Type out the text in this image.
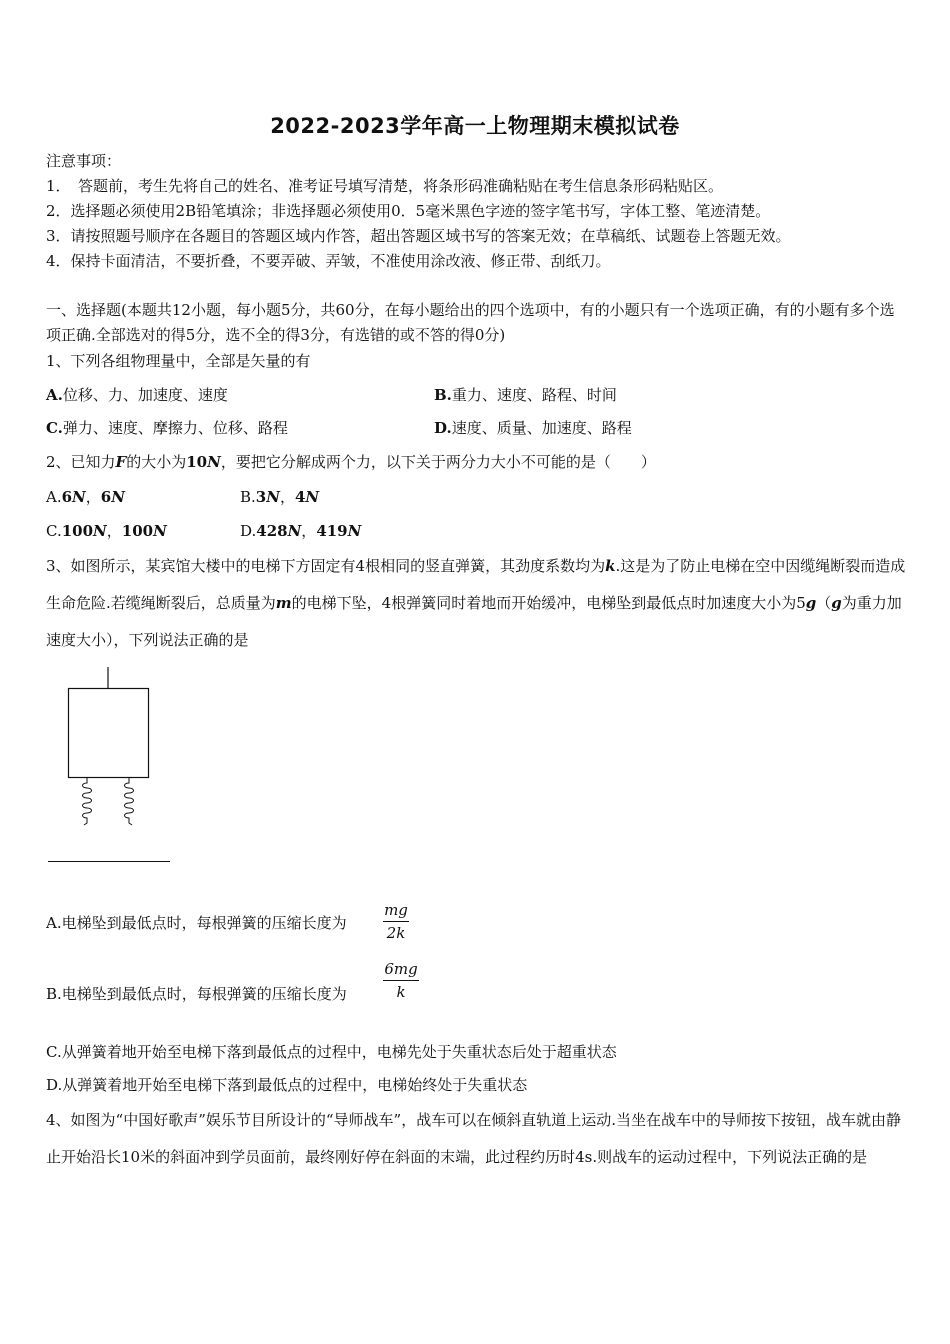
2022-2023学年高一上物理期末模拟试卷
注意事项：
1．　答题前，考生先将自己的姓名、准考证号填写清楚，将条形码准确粘贴在考生信息条形码粘贴区。
2．选择题必须使用2B铅笔填涂；非选择题必须使用0．5毫米黑色字迹的签字笔书写，字体工整、笔迹清楚。
3．请按照题号顺序在各题目的答题区域内作答，超出答题区域书写的答案无效；在草稿纸、试题卷上答题无效。
4．保持卡面清洁，不要折叠，不要弄破、弄皱，不准使用涂改液、修正带、刮纸刀。
一、选择题(本题共12小题，每小题5分，共60分，在每小题给出的四个选项中，有的小题只有一个选项正确，有的小题有多个选项正确.全部选对的得5分，选不全的得3分，有选错的或不答的得0分)
1、下列各组物理量中，全部是矢量的有
A.位移、力、加速度、速度	B.重力、速度、路程、时间
C.弹力、速度、摩擦力、位移、路程	D.速度、质量、加速度、路程
2、已知力F的大小为10N，要把它分解成两个力，以下关于两分力大小不可能的是（　　）
A.6N，6N	B.3N，4N
C.100N，100N	D.428N，419N
3、如图所示，某宾馆大楼中的电梯下方固定有4根相同的竖直弹簧，其劲度系数均为k.这是为了防止电梯在空中因缆绳断裂而造成生命危险.若缆绳断裂后，总质量为m的电梯下坠，4根弹簧同时着地而开始缓冲，电梯坠到最低点时加速度大小为5g（g为重力加速度大小），下列说法正确的是
A.电梯坠到最低点时，每根弹簧的压缩长度为
mg
2k
B.电梯坠到最低点时，每根弹簧的压缩长度为
6mg
k
C.从弹簧着地开始至电梯下落到最低点的过程中，电梯先处于失重状态后处于超重状态
D.从弹簧着地开始至电梯下落到最低点的过程中，电梯始终处于失重状态
4、如图为“中国好歌声”娱乐节目所设计的“导师战车”，战车可以在倾斜直轨道上运动.当坐在战车中的导师按下按钮，战车就由静止开始沿长10米的斜面冲到学员面前，最终刚好停在斜面的末端，此过程约历时4s.则战车的运动过程中，下列说法正确的是
